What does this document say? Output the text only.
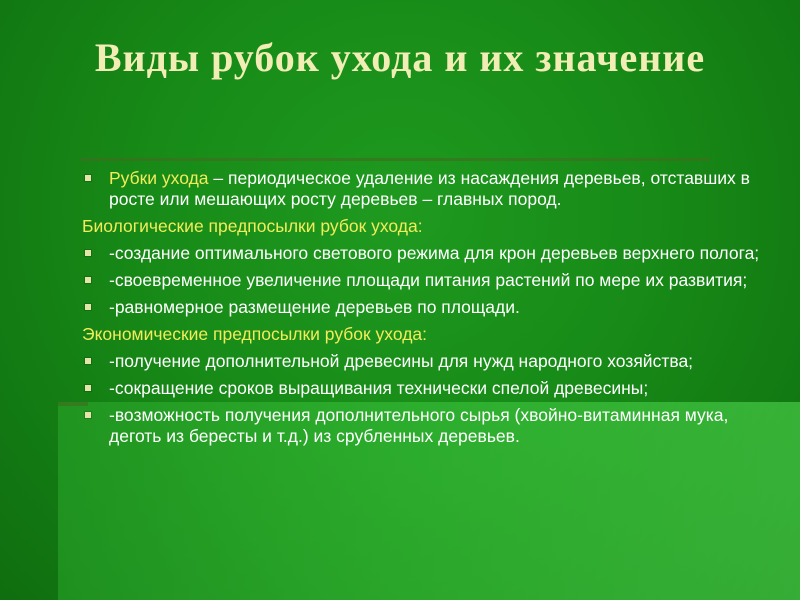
Виды рубок ухода и их значение
Рубки ухода – периодическое удаление из насаждения деревьев, отставших в росте или мешающих росту деревьев – главных пород.
Биологические предпосылки рубок ухода:
-создание оптимального светового режима для крон деревьев верхнего полога;
-своевременное увеличение площади питания растений по мере их развития;
-равномерное размещение деревьев по площади.
Экономические предпосылки рубок ухода:
-получение дополнительной древесины для нужд народного хозяйства;
-сокращение сроков выращивания технически спелой древесины;
-возможность получения дополнительного сырья (хвойно-витаминная мука, деготь из бересты и т.д.) из срубленных деревьев.
